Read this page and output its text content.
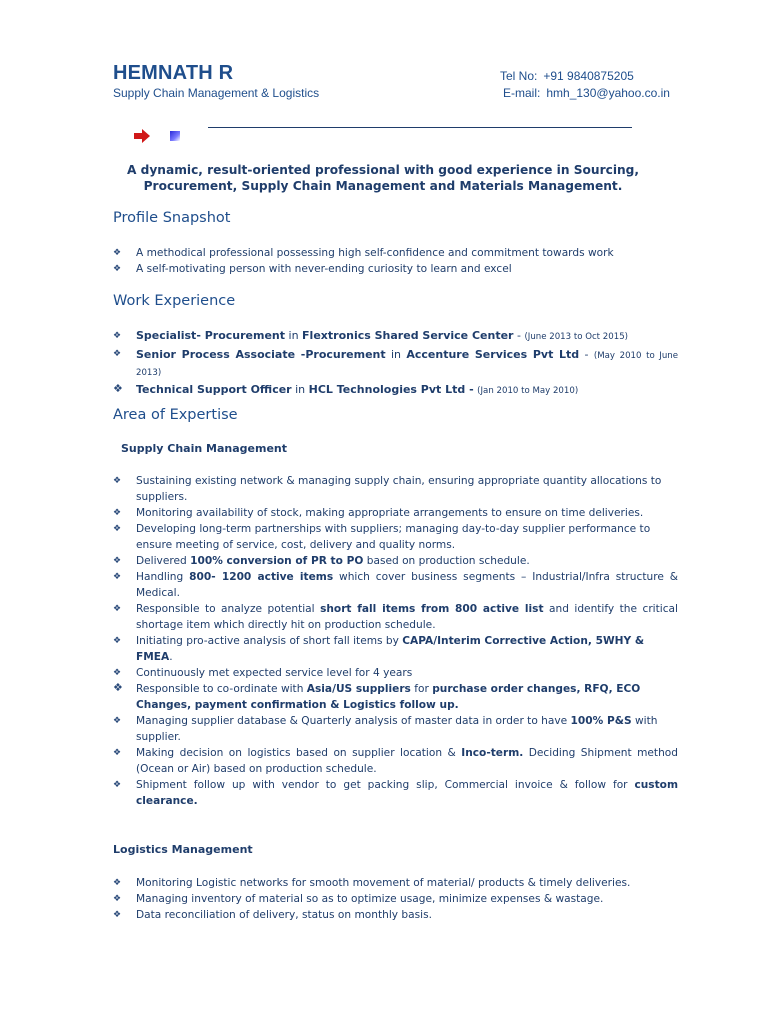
HEMNATH R
Supply Chain Management & Logistics
Tel No: +91 9840875205
E-mail: hmh_130@yahoo.co.in
A dynamic, result-oriented professional with good experience in Sourcing, Procurement, Supply Chain Management and Materials Management.
Profile Snapshot
❖ A methodical professional possessing high self-confidence and commitment towards work
❖ A self-motivating person with never-ending curiosity to learn and excel
Work Experience
❖ Specialist- Procurement in Flextronics Shared Service Center - (June 2013 to Oct 2015)
❖ Senior Process Associate -Procurement in Accenture Services Pvt Ltd - (May 2010 to June 2013)
❖ Technical Support Officer in HCL Technologies Pvt Ltd - (Jan 2010 to May 2010)
Area of Expertise
Supply Chain Management
❖ Sustaining existing network & managing supply chain, ensuring appropriate quantity allocations to suppliers.
❖ Monitoring availability of stock, making appropriate arrangements to ensure on time deliveries.
❖ Developing long-term partnerships with suppliers; managing day-to-day supplier performance to ensure meeting of service, cost, delivery and quality norms.
❖ Delivered 100% conversion of PR to PO based on production schedule.
❖ Handling 800- 1200 active items which cover business segments – Industrial/Infra structure & Medical.
❖ Responsible to analyze potential short fall items from 800 active list and identify the critical shortage item which directly hit on production schedule.
❖ Initiating pro-active analysis of short fall items by CAPA/Interim Corrective Action, 5WHY & FMEA.
❖ Continuously met expected service level for 4 years
❖ Responsible to co-ordinate with Asia/US suppliers for purchase order changes, RFQ, ECO Changes, payment confirmation & Logistics follow up.
❖ Managing supplier database & Quarterly analysis of master data in order to have 100% P&S with supplier.
❖ Making decision on logistics based on supplier location & Inco-term. Deciding Shipment method (Ocean or Air) based on production schedule.
❖ Shipment follow up with vendor to get packing slip, Commercial invoice & follow for custom clearance.
Logistics Management
❖ Monitoring Logistic networks for smooth movement of material/ products & timely deliveries.
❖ Managing inventory of material so as to optimize usage, minimize expenses & wastage.
❖ Data reconciliation of delivery, status on monthly basis.
